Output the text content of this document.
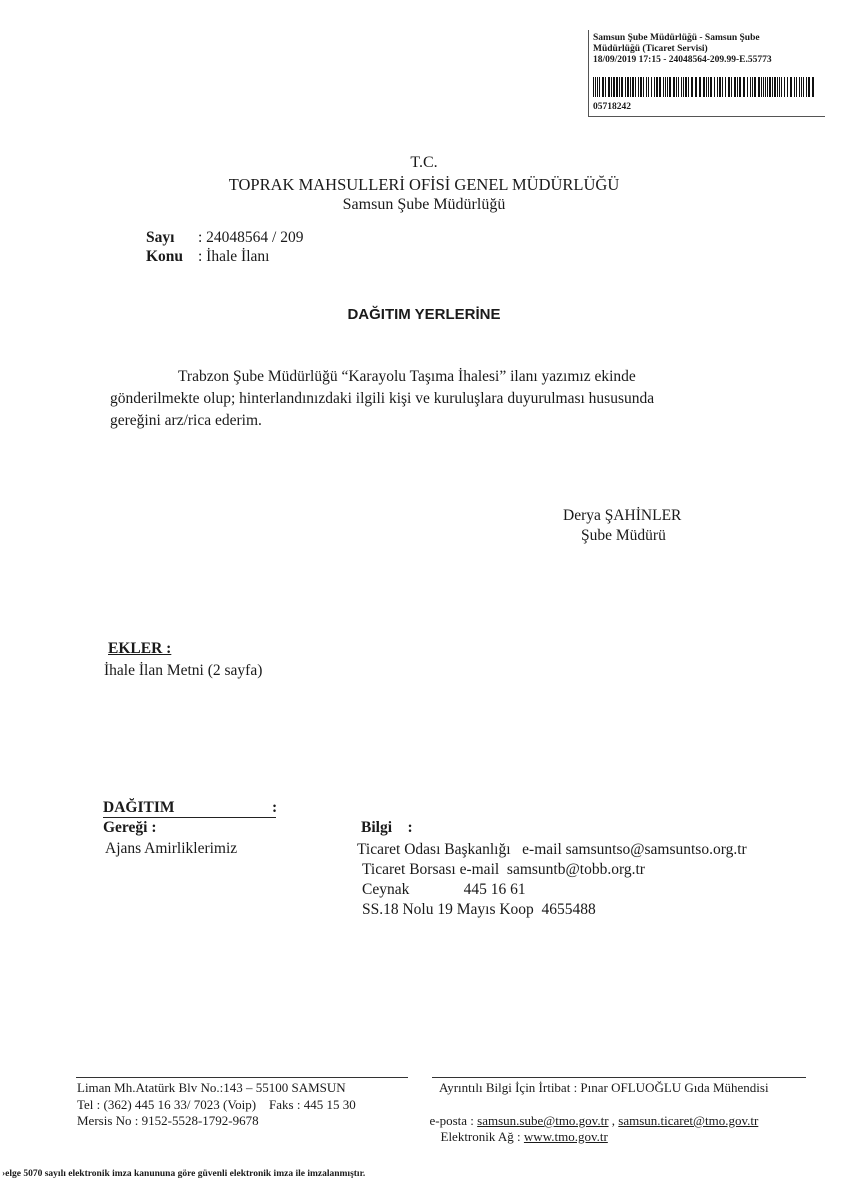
Samsun Şube Müdürlüğü - Samsun Şube
Müdürlüğü (Ticaret Servisi)
18/09/2019 17:15 - 24048564-209.99-E.55773
05718242
T.C.
TOPRAK MAHSULLERİ OFİSİ GENEL MÜDÜRLÜĞÜ
Samsun Şube Müdürlüğü
Sayı : 24048564 / 209
Konu : İhale İlanı
DAĞITIM YERLERİNE
Trabzon Şube Müdürlüğü “Karayolu Taşıma İhalesi” ilanı yazımız ekinde
gönderilmekte olup; hinterlandınızdaki ilgili kişi ve kuruluşlara duyurulması hususunda
gereğini arz/rica ederim.
Derya ŞAHİNLER
Şube Müdürü
EKLER :
İhale İlan Metni (2 sayfa)
DAĞITIM	:
Gereği :
Ajans Amirliklerimiz
Bilgi    :
Ticaret Odası Başkanlığı   e-mail samsuntso@samsuntso.org.tr
Ticaret Borsası e-mail  samsuntb@tobb.org.tr
Ceynak              445 16 61
SS.18 Nolu 19 Mayıs Koop  4655488
Liman Mh.Atatürk Blv No.:143 – 55100 SAMSUN
Tel : (362) 445 16 33/ 7023 (Voip)    Faks : 445 15 30
Mersis No : 9152-5528-1792-9678
Ayrıntılı Bilgi İçin İrtibat : Pınar OFLUOĞLU Gıda Mühendisi

e-posta : samsun.sube@tmo.gov.tr , samsun.ticaret@tmo.gov.tr

Elektronik Ağ : www.tmo.gov.tr

›elge 5070 sayılı elektronik imza kanununa göre güvenli elektronik imza ile imzalanmıştır.
